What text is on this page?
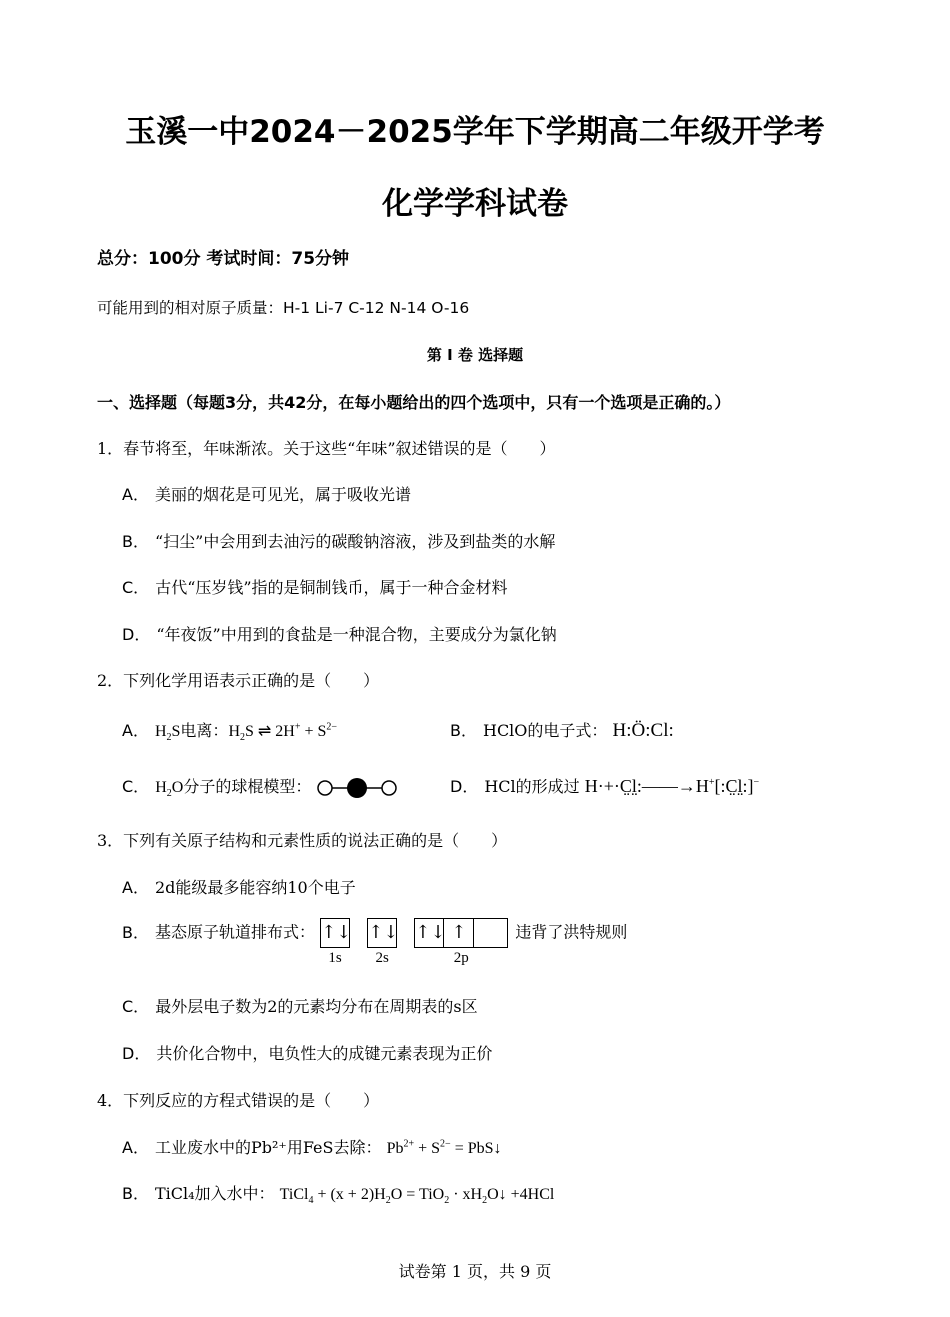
玉溪一中2024－2025学年下学期高二年级开学考
化学学科试卷
总分：100分 考试时间：75分钟
可能用到的相对原子质量：H-1 Li-7 C-12 N-14 O-16
第 I 卷 选择题
一、选择题（每题3分，共42分，在每小题给出的四个选项中，只有一个选项是正确的。）
1．春节将至，年味渐浓。关于这些“年味”叙述错误的是（　　）
A． 美丽的烟花是可见光，属于吸收光谱
B． “扫尘”中会用到去油污的碳酸钠溶液，涉及到盐类的水解
C． 古代“压岁钱”指的是铜制钱币，属于一种合金材料
D． “年夜饭”中用到的食盐是一种混合物，主要成分为氯化钠
2．下列化学用语表示正确的是（　　）
A． $H_2S$电离：$H_2S$ ⇌ $2H^+ + S^{2-}$	B． HClO的电子式： H:Ö:Cl:
C． $H_2O$分子的球棍模型：	D． HCl的形成过 H·+·C̤l̤:——→H+[:C̤l̤:]−
3．下列有关原子结构和元素性质的说法正确的是（　　）
A． 2d能级最多能容纳10个电子
B． 基态原子轨道排布式： ↑↓
1s
↑↓
2s
↑↓ ↑
2p
违背了洪特规则
C． 最外层电子数为2的元素均分布在周期表的s区
D． 共价化合物中，电负性大的成键元素表现为正价
4．下列反应的方程式错误的是（　　）
A． 工业废水中的Pb²⁺用FeS去除： $Pb^{2+} + S^{2-}$ = PbS↓
B． TiCl₄加入水中： TiCl$_4$ + $(x + 2)H_2O = TiO_2$ · $xH_2O↓ +4HCl$
试卷第 1 页，共 9 页
